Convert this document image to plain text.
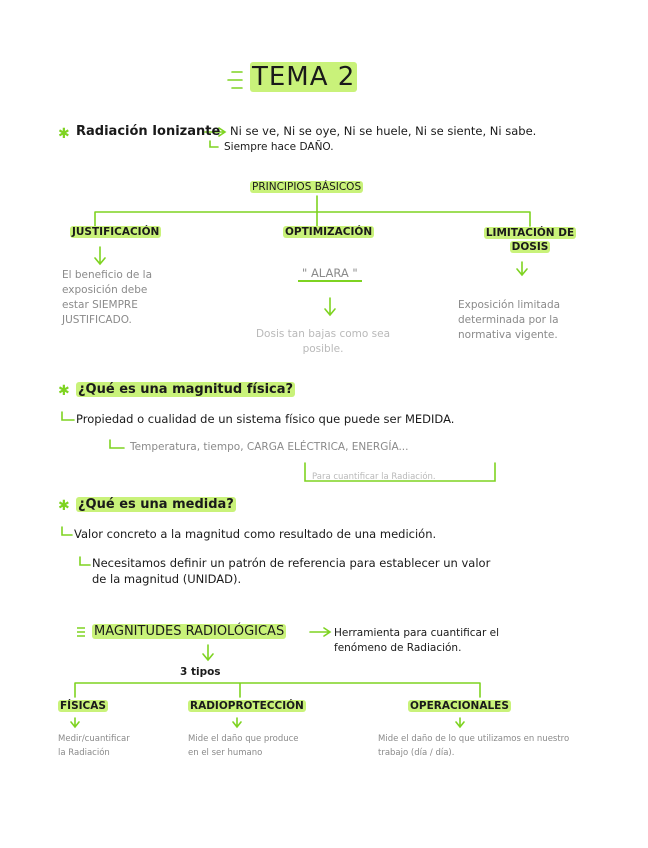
✱
✱
✱
TEMA 2
Radiación Ionizante Ni se ve, Ni se oye, Ni se huele, Ni se siente, Ni sabe.
Siempre hace DAÑO.
PRINCIPIOS BÁSICOS
JUSTIFICACIÓN
El beneficio de la
exposición debe
estar SIEMPRE
JUSTIFICADO.
OPTIMIZACIÓN
" ALARA "
Dosis tan bajas como sea
posible.
LIMITACIÓN DE
DOSIS
Exposición limitada
determinada por la
normativa vigente.
¿Qué es una magnitud física?
Propiedad o cualidad de un sistema físico que puede ser MEDIDA.
Temperatura, tiempo, CARGA ELÉCTRICA, ENERGÍA...
Para cuantificar la Radiación.
¿Qué es una medida?
Valor concreto a la magnitud como resultado de una medición.
Necesitamos definir un patrón de referencia para establecer un valor
de la magnitud (UNIDAD).
MAGNITUDES RADIOLÓGICAS	Herramienta para cuantificar el
fenómeno de Radiación.
3 tipos
FÍSICAS
Medir/cuantificar
la Radiación
RADIOPROTECCIÓN
Mide el daño que produce
en el ser humano
OPERACIONALES
Mide el daño de lo que utilizamos en nuestro
trabajo (día / día).
